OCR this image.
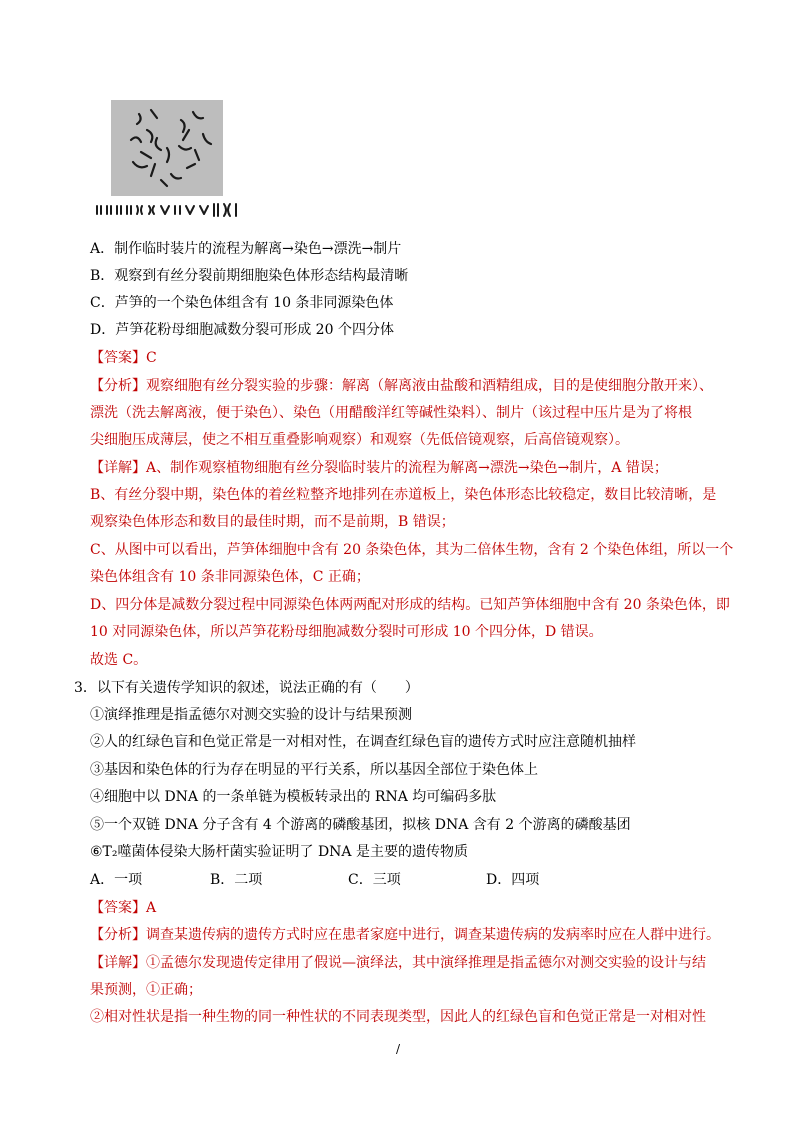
A．制作临时装片的流程为解离→染色→漂洗→制片
B．观察到有丝分裂前期细胞染色体形态结构最清晰
C．芦笋的一个染色体组含有 10 条非同源染色体
D．芦笋花粉母细胞减数分裂可形成 20 个四分体
【答案】C
【分析】观察细胞有丝分裂实验的步骤：解离（解离液由盐酸和酒精组成，目的是使细胞分散开来）、
漂洗（洗去解离液，便于染色）、染色（用醋酸洋红等碱性染料）、制片（该过程中压片是为了将根
尖细胞压成薄层，使之不相互重叠影响观察）和观察（先低倍镜观察，后高倍镜观察）。
【详解】A、制作观察植物细胞有丝分裂临时装片的流程为解离→漂洗→染色→制片，A 错误；
B、有丝分裂中期，染色体的着丝粒整齐地排列在赤道板上，染色体形态比较稳定，数目比较清晰，是
观察染色体形态和数目的最佳时期，而不是前期，B 错误；
C、从图中可以看出，芦笋体细胞中含有 20 条染色体，其为二倍体生物，含有 2 个染色体组，所以一个
染色体组含有 10 条非同源染色体，C 正确；
D、四分体是减数分裂过程中同源染色体两两配对形成的结构。已知芦笋体细胞中含有 20 条染色体，即
10 对同源染色体，所以芦笋花粉母细胞减数分裂时可形成 10 个四分体，D 错误。
故选 C。
3．以下有关遗传学知识的叙述，说法正确的有（　　）
①演绎推理是指孟德尔对测交实验的设计与结果预测
②人的红绿色盲和色觉正常是一对相对性，在调查红绿色盲的遗传方式时应注意随机抽样
③基因和染色体的行为存在明显的平行关系，所以基因全部位于染色体上
④细胞中以 DNA 的一条单链为模板转录出的 RNA 均可编码多肽
⑤一个双链 DNA 分子含有 4 个游离的磷酸基团，拟核 DNA 含有 2 个游离的磷酸基团
⑥T₂噬菌体侵染大肠杆菌实验证明了 DNA 是主要的遗传物质
A．一项	B．二项	C．三项	D．四项
【答案】A
【分析】调查某遗传病的遗传方式时应在患者家庭中进行，调查某遗传病的发病率时应在人群中进行。
【详解】①孟德尔发现遗传定律用了假说—演绎法，其中演绎推理是指孟德尔对测交实验的设计与结
果预测，①正确；
②相对性状是指一种生物的同一种性状的不同表现类型，因此人的红绿色盲和色觉正常是一对相对性
/
